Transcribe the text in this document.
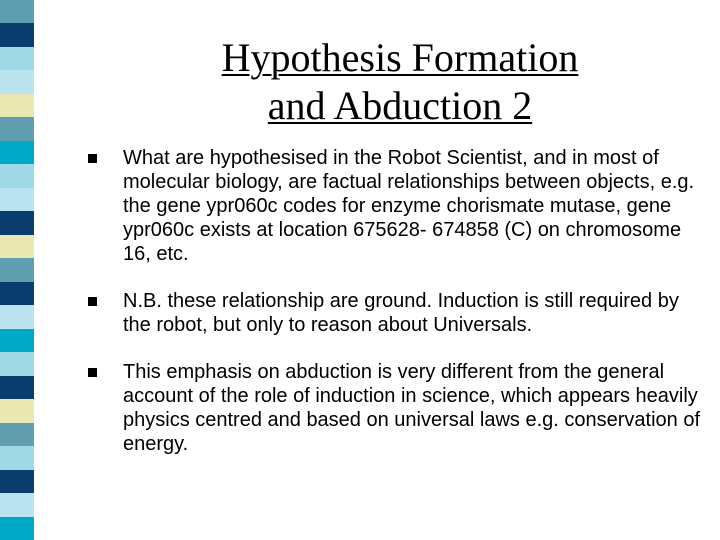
Hypothesis Formation
and Abduction 2
What are hypothesised in the Robot Scientist, and in most of molecular biology, are factual relationships between objects, e.g. the gene ypr060c codes for enzyme chorismate mutase, gene ypr060c exists at location 675628- 674858 (C) on chromosome 16, etc.
N.B. these relationship are ground. Induction is still required by the robot, but only to reason about Universals.
This emphasis on abduction is very different from the general account of the role of induction in science, which appears heavily physics centred and based on universal laws e.g. conservation of energy.
